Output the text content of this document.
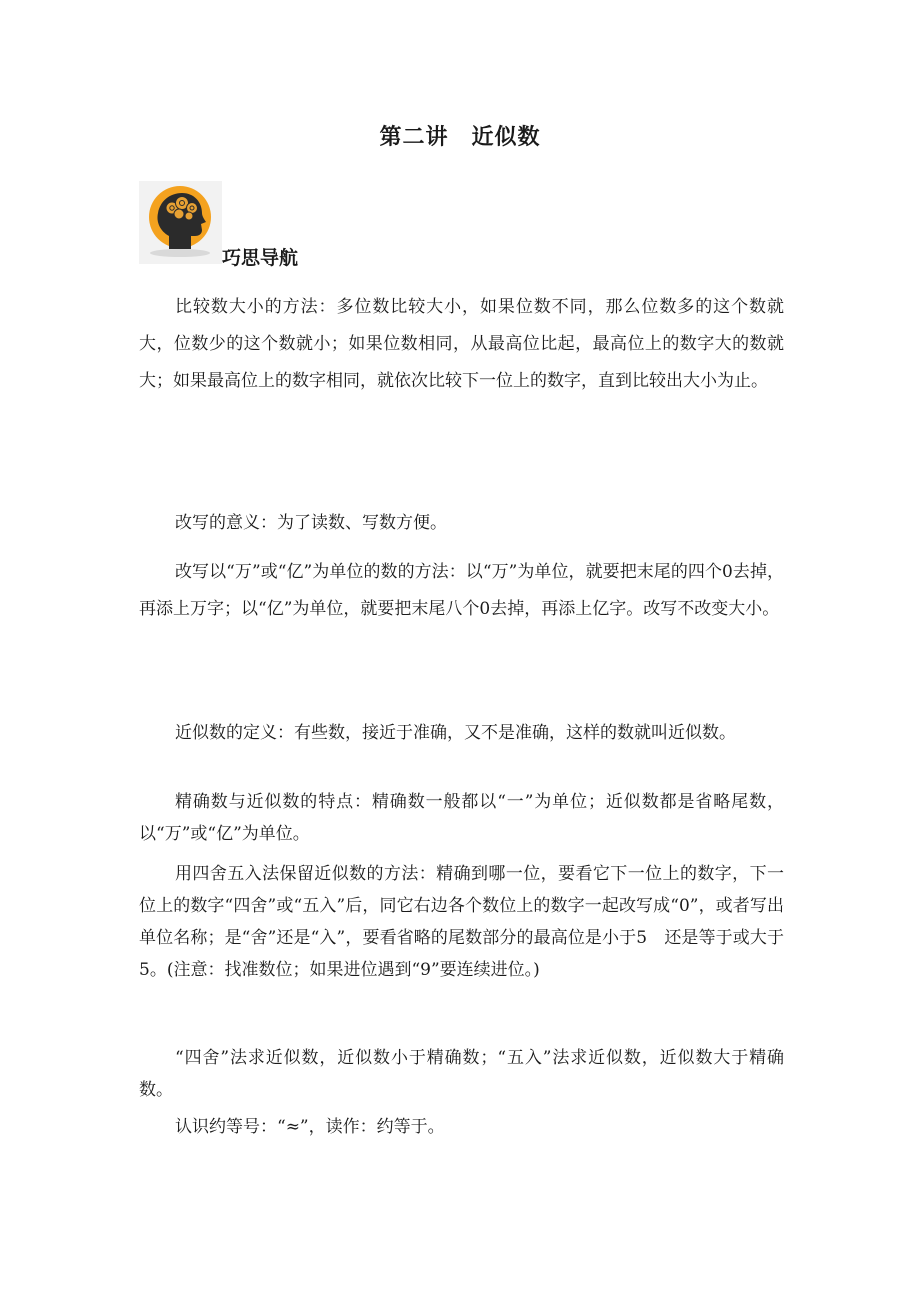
第二讲　近似数
巧思导航

比较数大小的方法：多位数比较大小，如果位数不同，那么位数多的这个数就大，位数少的这个数就小；如果位数相同，从最高位比起，最高位上的数字大的数就大；如果最高位上的数字相同，就依次比较下一位上的数字，直到比较出大小为止。

改写的意义：为了读数、写数方便。

改写以“万”或“亿”为单位的数的方法：以“万”为单位，就要把末尾的四个0去掉，再添上万字；以“亿”为单位，就要把末尾八个0去掉，再添上亿字。改写不改变大小。

近似数的定义：有些数，接近于准确，又不是准确，这样的数就叫近似数。

精确数与近似数的特点：精确数一般都以“一”为单位；近似数都是省略尾数，以“万”或“亿”为单位。

用四舍五入法保留近似数的方法：精确到哪一位，要看它下一位上的数字，下一位上的数字“四舍”或“五入”后，同它右边各个数位上的数字一起改写成“0”，或者写出单位名称；是“舍”还是“入”，要看省略的尾数部分的最高位是小于5　还是等于或大于5。(注意：找准数位；如果进位遇到“9”要连续进位。)

“四舍”法求近似数，近似数小于精确数；“五入”法求近似数，近似数大于精确数。

认识约等号：“≈”，读作：约等于。
